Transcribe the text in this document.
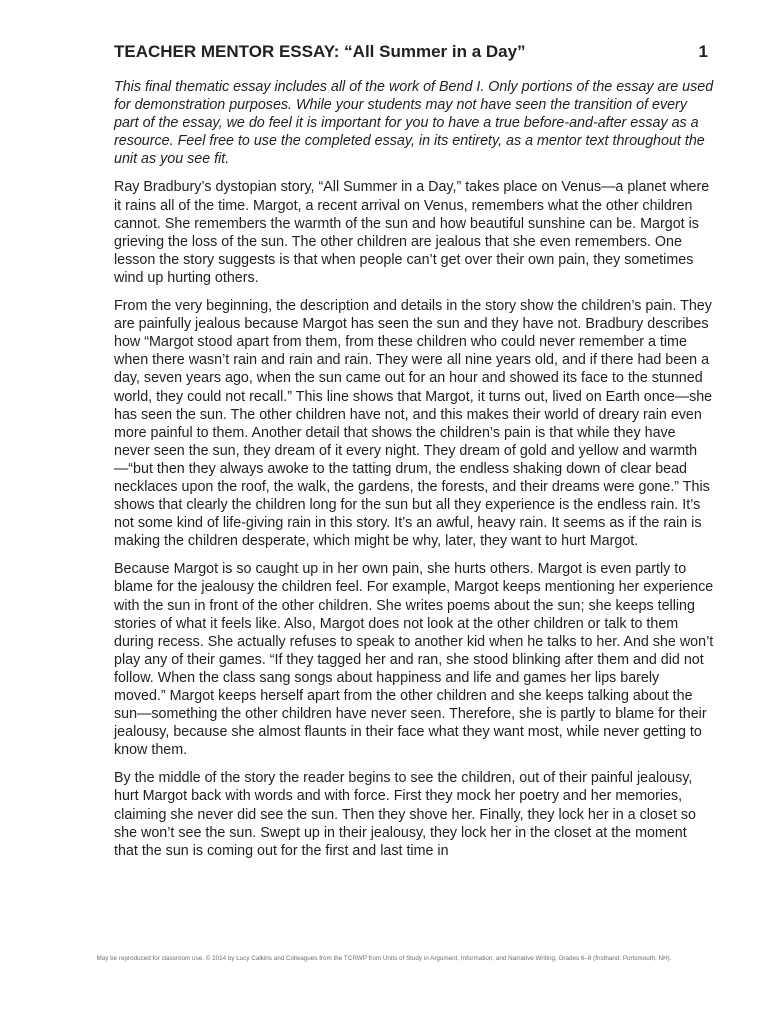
TEACHER MENTOR ESSAY: “All Summer in a Day”	1

This final thematic essay includes all of the work of Bend I. Only portions of the essay are used for demonstration purposes. While your students may not have seen the transition of every part of the essay, we do feel it is important for you to have a true before-and-after essay as a resource. Feel free to use the completed essay, in its entirety, as a mentor text throughout the unit as you see fit.

Ray Bradbury’s dystopian story, “All Summer in a Day,” takes place on Venus—a planet where it rains all of the time. Margot, a recent arrival on Venus, remembers what the other children cannot. She remembers the warmth of the sun and how beautiful sunshine can be. Margot is grieving the loss of the sun. The other children are jealous that she even remembers. One lesson the story suggests is that when people can’t get over their own pain, they sometimes wind up hurting others.

From the very beginning, the description and details in the story show the children’s pain. They are painfully jealous because Margot has seen the sun and they have not. Bradbury describes how “Margot stood apart from them, from these children who could never remember a time when there wasn’t rain and rain and rain. They were all nine years old, and if there had been a day, seven years ago, when the sun came out for an hour and showed its face to the stunned world, they could not recall.” This line shows that Margot, it turns out, lived on Earth once—she has seen the sun. The other children have not, and this makes their world of dreary rain even more painful to them. Another detail that shows the children’s pain is that while they have never seen the sun, they dream of it every night. They dream of gold and yellow and warmth—“but then they always awoke to the tatting drum, the endless shaking down of clear bead necklaces upon the roof, the walk, the gardens, the forests, and their dreams were gone.” This shows that clearly the children long for the sun but all they experience is the endless rain. It’s not some kind of life-giving rain in this story. It’s an awful, heavy rain. It seems as if the rain is making the children desperate, which might be why, later, they want to hurt Margot.

Because Margot is so caught up in her own pain, she hurts others. Margot is even partly to blame for the jealousy the children feel. For example, Margot keeps mentioning her experience with the sun in front of the other children. She writes poems about the sun; she keeps telling stories of what it feels like. Also, Margot does not look at the other children or talk to them during recess. She actually refuses to speak to another kid when he talks to her. And she won’t play any of their games. “If they tagged her and ran, she stood blinking after them and did not follow. When the class sang songs about happiness and life and games her lips barely moved.” Margot keeps herself apart from the other children and she keeps talking about the sun—something the other children have never seen. Therefore, she is partly to blame for their jealousy, because she almost flaunts in their face what they want most, while never getting to know them.

By the middle of the story the reader begins to see the children, out of their painful jealousy, hurt Margot back with words and with force. First they mock her poetry and her memories, claiming she never did see the sun. Then they shove her. Finally, they lock her in a closet so she won’t see the sun. Swept up in their jealousy, they lock her in the closet at the moment that the sun is coming out for the first and last time in

May be reproduced for classroom use. © 2014 by Lucy Calkins and Colleagues from the TCRWP from Units of Study in Argument, Information, and Narrative Writing, Grades 6–8 (firsthand: Portsmouth, NH).
